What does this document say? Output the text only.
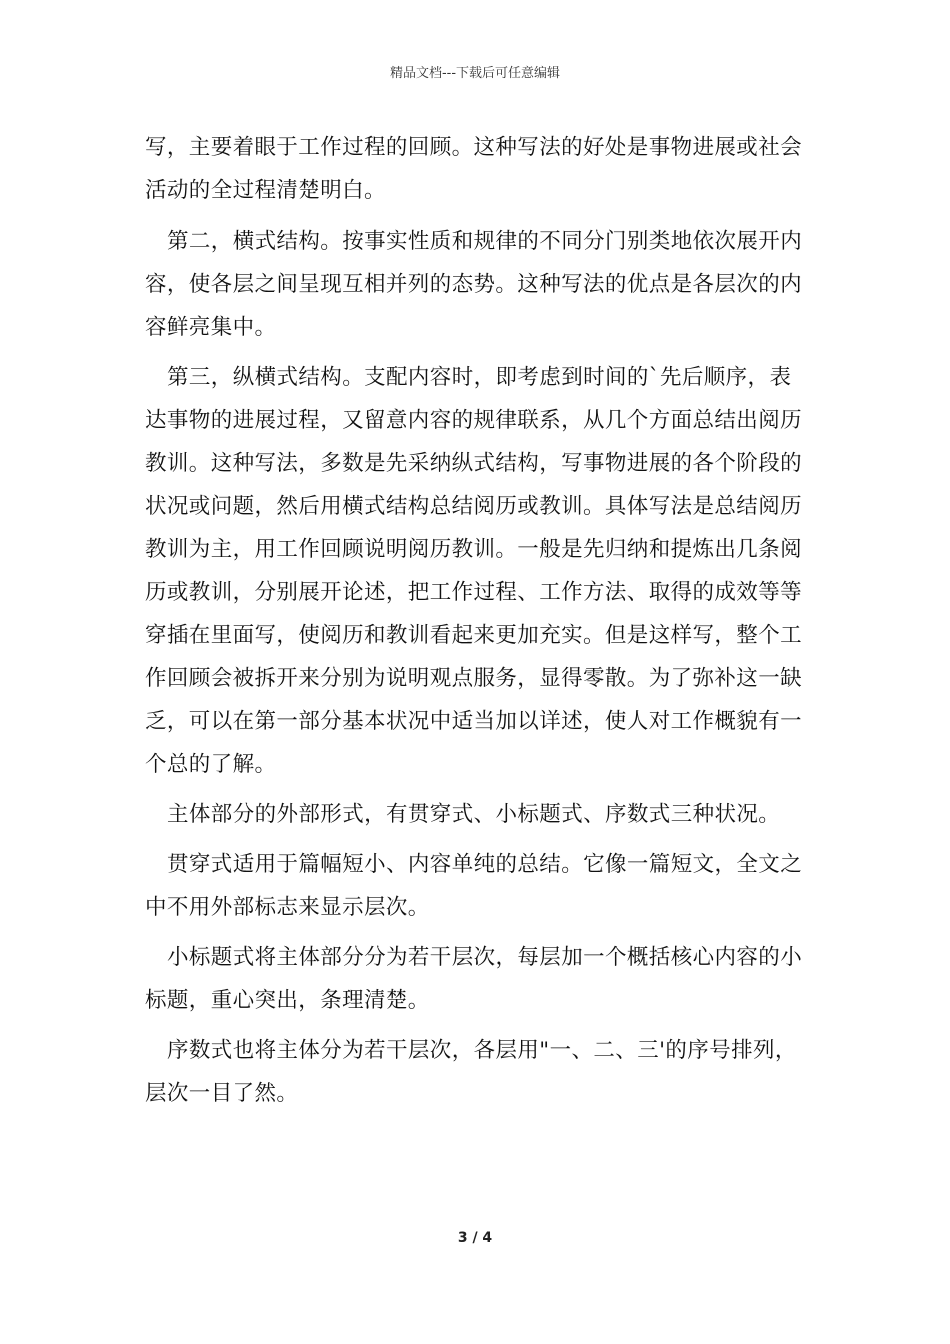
精品文档---下载后可任意编辑

写，主要着眼于工作过程的回顾。这种写法的好处是事物进展或社会活动的全过程清楚明白。

第二，横式结构。按事实性质和规律的不同分门别类地依次展开内容，使各层之间呈现互相并列的态势。这种写法的优点是各层次的内容鲜亮集中。

第三，纵横式结构。支配内容时，即考虑到时间的`先后顺序，表达事物的进展过程，又留意内容的规律联系，从几个方面总结出阅历教训。这种写法，多数是先采纳纵式结构，写事物进展的各个阶段的状况或问题，然后用横式结构总结阅历或教训。具体写法是总结阅历教训为主，用工作回顾说明阅历教训。一般是先归纳和提炼出几条阅历或教训，分别展开论述，把工作过程、工作方法、取得的成效等等穿插在里面写，使阅历和教训看起来更加充实。但是这样写，整个工作回顾会被拆开来分别为说明观点服务，显得零散。为了弥补这一缺乏，可以在第一部分基本状况中适当加以详述，使人对工作概貌有一个总的了解。

主体部分的外部形式，有贯穿式、小标题式、序数式三种状况。

贯穿式适用于篇幅短小、内容单纯的总结。它像一篇短文，全文之中不用外部标志来显示层次。

小标题式将主体部分分为若干层次，每层加一个概括核心内容的小标题，重心突出，条理清楚。

序数式也将主体分为若干层次，各层用"一、二、三'的序号排列，层次一目了然。

3 / 4
